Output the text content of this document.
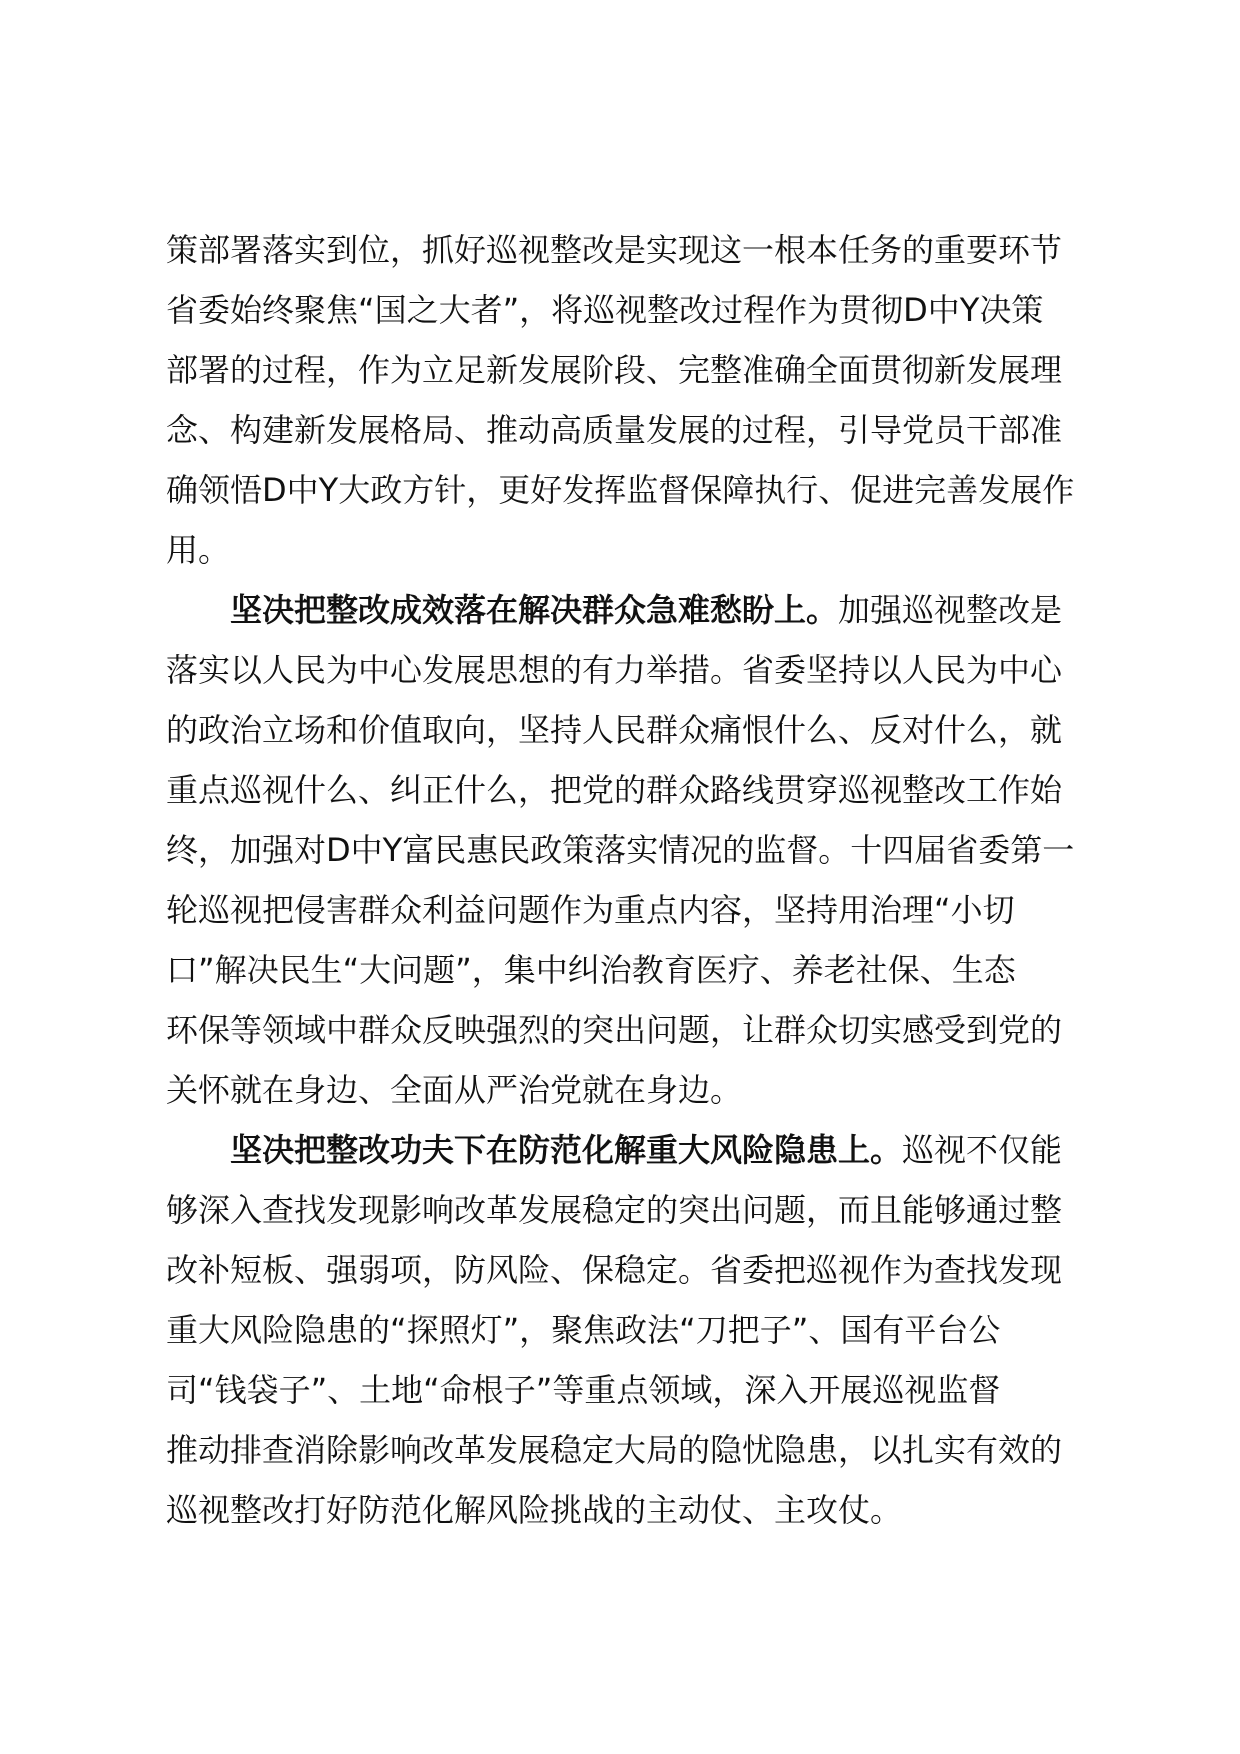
策部署落实到位，抓好巡视整改是实现这一根本任务的重要环节
省委始终聚焦“国之大者”，将巡视整改过程作为贯彻D中Y决策
部署的过程，作为立足新发展阶段、完整准确全面贯彻新发展理
念、构建新发展格局、推动高质量发展的过程，引导党员干部准
确领悟D中Y大政方针，更好发挥监督保障执行、促进完善发展作
用。
坚决把整改成效落在解决群众急难愁盼上。加强巡视整改是
落实以人民为中心发展思想的有力举措。省委坚持以人民为中心
的政治立场和价值取向，坚持人民群众痛恨什么、反对什么，就
重点巡视什么、纠正什么，把党的群众路线贯穿巡视整改工作始
终，加强对D中Y富民惠民政策落实情况的监督。十四届省委第一
轮巡视把侵害群众利益问题作为重点内容，坚持用治理“小切
口”解决民生“大问题”，集中纠治教育医疗、养老社保、生态
环保等领域中群众反映强烈的突出问题，让群众切实感受到党的
关怀就在身边、全面从严治党就在身边。
坚决把整改功夫下在防范化解重大风险隐患上。巡视不仅能
够深入查找发现影响改革发展稳定的突出问题，而且能够通过整
改补短板、强弱项，防风险、保稳定。省委把巡视作为查找发现
重大风险隐患的“探照灯”，聚焦政法“刀把子”、国有平台公
司“钱袋子”、土地“命根子”等重点领域，深入开展巡视监督
推动排查消除影响改革发展稳定大局的隐忧隐患，以扎实有效的
巡视整改打好防范化解风险挑战的主动仗、主攻仗。
